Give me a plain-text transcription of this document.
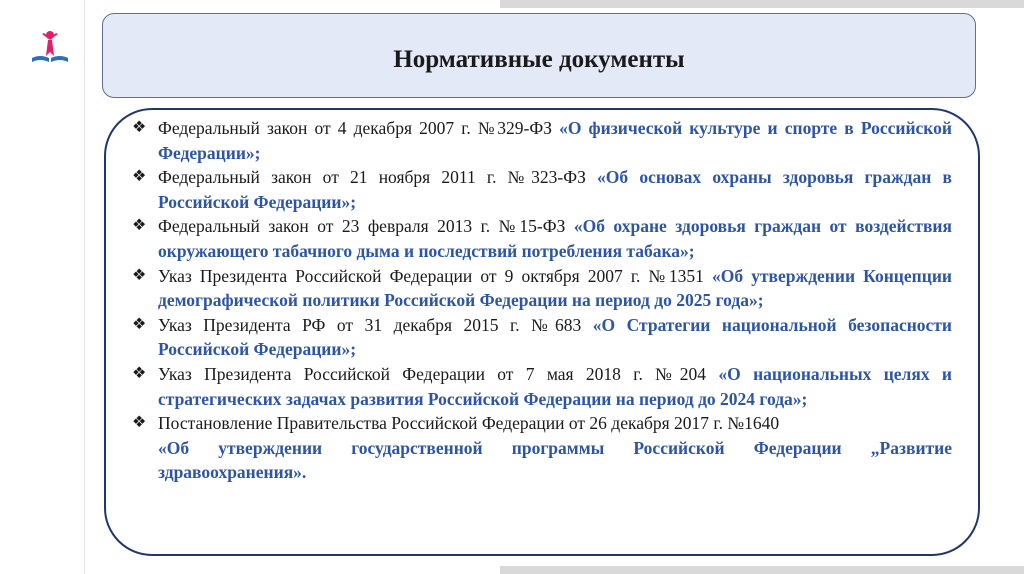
Нормативные документы
❖ Федеральный закон от 4 декабря 2007 г. №329-ФЗ «О физической культуре и спорте в Российской Федерации»;
❖ Федеральный закон от 21 ноября 2011 г. №323-ФЗ «Об основах охраны здоровья граждан в Российской Федерации»;
❖ Федеральный закон от 23 февраля 2013 г. №15-ФЗ «Об охране здоровья граждан от воздействия окружающего табачного дыма и последствий потребления табака»;
❖ Указ Президента Российской Федерации от 9 октября 2007 г. №1351 «Об утверждении Концепции демографической политики Российской Федерации на период до 2025 года»;
❖ Указ Президента РФ от 31 декабря 2015 г. №683 «О Стратегии национальной безопасности Российской Федерации»;
❖ Указ Президента Российской Федерации от 7 мая 2018 г. №204 «О национальных целях и стратегических задачах развития Российской Федерации на период до 2024 года»;
❖ Постановление Правительства Российской Федерации от 26 декабря 2017 г. №1640
«Об утверждении государственной программы Российской Федерации „Развитие здравоохранения».
